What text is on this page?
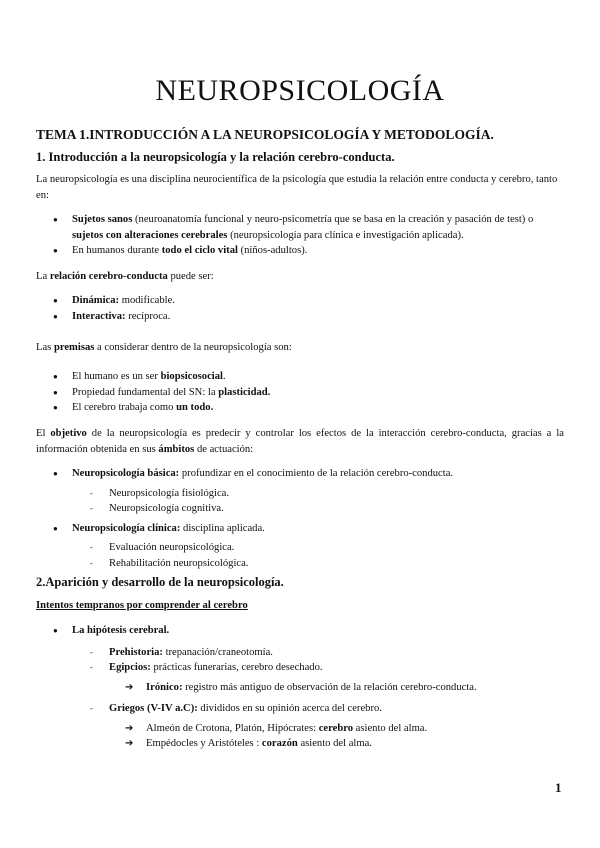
NEUROPSICOLOGÍA
TEMA 1.INTRODUCCIÓN A LA NEUROPSICOLOGÍA Y METODOLOGÍA.
1. Introducción a la neuropsicología y la relación cerebro-conducta.
La neuropsicología es una disciplina neurocientífica de la psicología que estudia la relación entre conducta y cerebro, tanto en:
● Sujetos sanos (neuroanatomía funcional y neuro-psicometría que se basa en la creación y pasación de test) o sujetos con alteraciones cerebrales (neuropsicología para clínica e investigación aplicada).
● En humanos durante todo el ciclo vital (niños-adultos).
La relación cerebro-conducta puede ser:
● Dinámica: modificable.
● Interactiva: recíproca.
Las premisas a considerar dentro de la neuropsicología son:
● El humano es un ser biopsicosocial.
● Propiedad fundamental del SN: la plasticidad.
● El cerebro trabaja como un todo.
El objetivo de la neuropsicología es predecir y controlar los efectos de la interacción cerebro-conducta, gracias a la información obtenida en sus ámbitos de actuación:
● Neuropsicología básica: profundizar en el conocimiento de la relación cerebro-conducta.
- Neuropsicología fisiológica.
- Neuropsicología cognitiva.
● Neuropsicología clínica: disciplina aplicada.
- Evaluación neuropsicológica.
- Rehabilitación neuropsicológica.
2.Aparición y desarrollo de la neuropsicología.
Intentos tempranos por comprender al cerebro
● La hipótesis cerebral.
- Prehistoria: trepanación/craneotomía.
- Egipcios: prácticas funerarias, cerebro desechado.
➔ Irónico: registro más antiguo de observación de la relación cerebro-conducta.
- Griegos (V-IV a.C): divididos en su opinión acerca del cerebro.
➔ Almeón de Crotona, Platón, Hipócrates: cerebro asiento del alma.
➔ Empédocles y Aristóteles : corazón asiento del alma.
1
